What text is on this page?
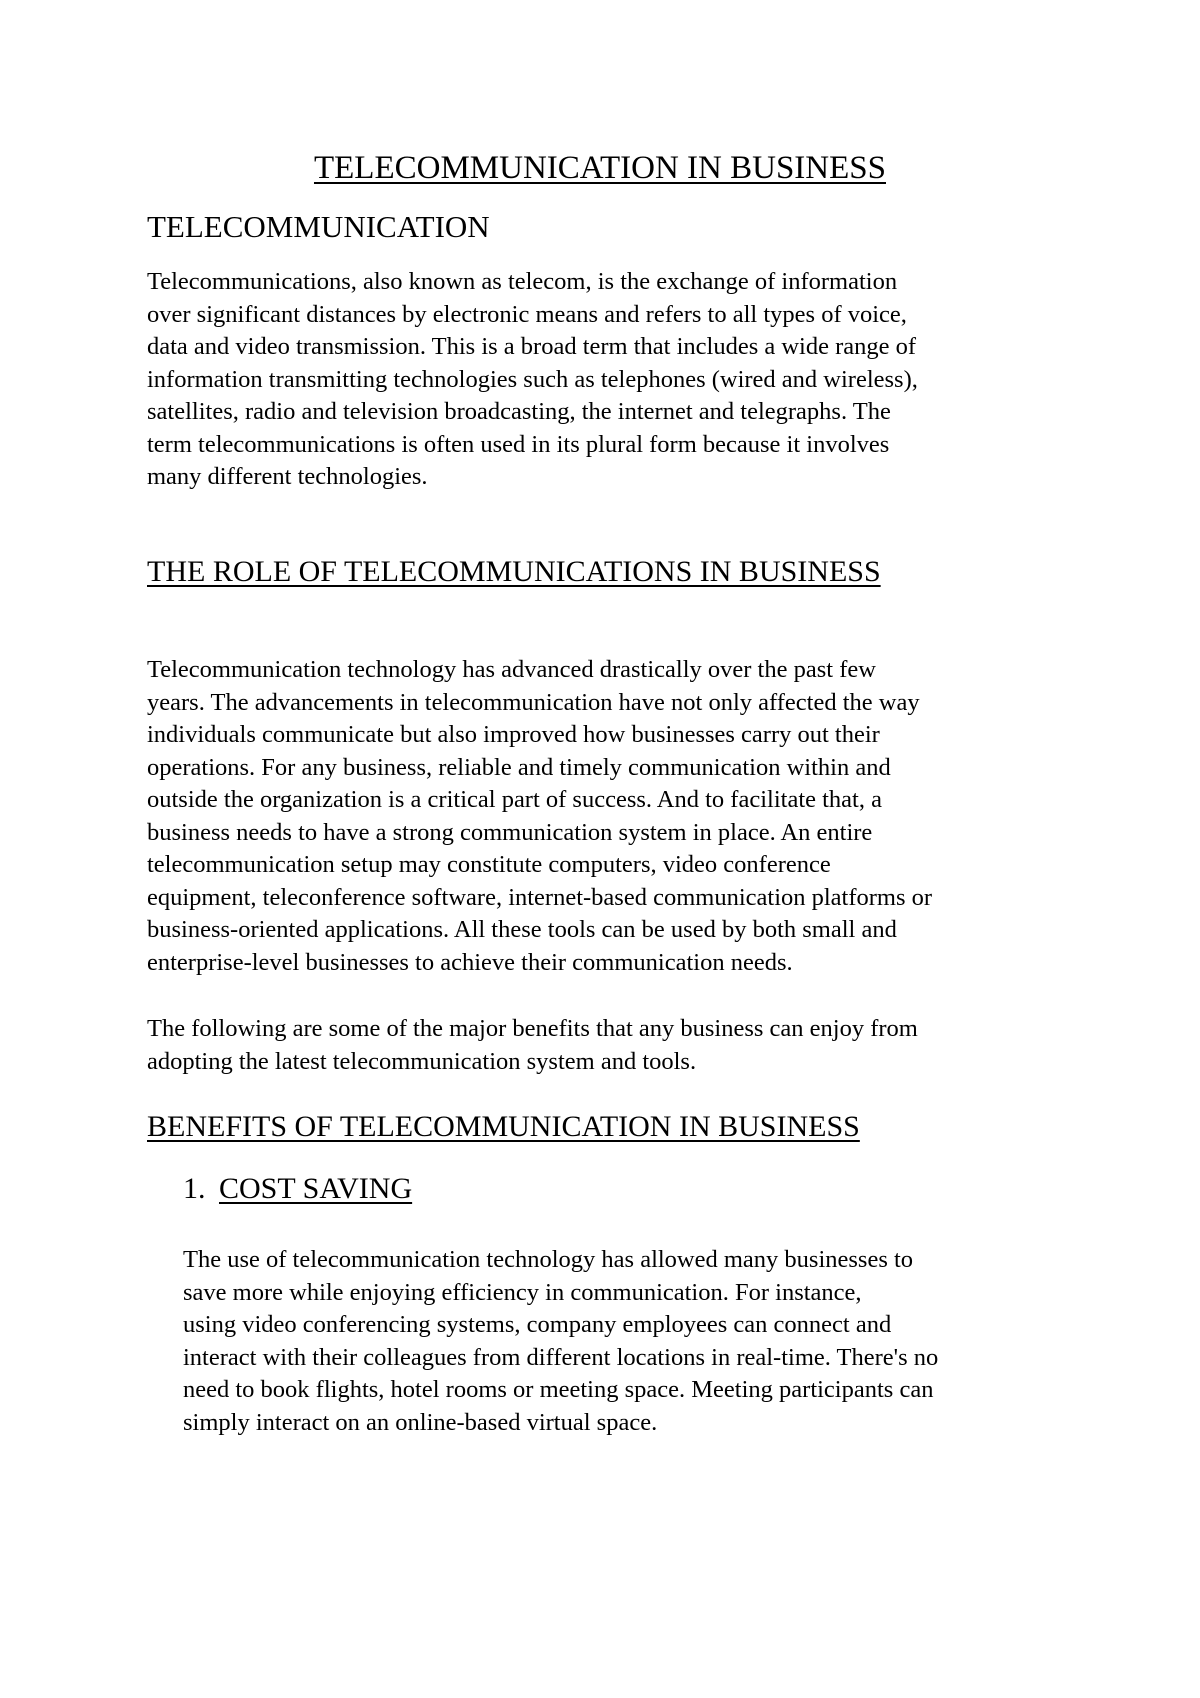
TELECOMMUNICATION IN BUSINESS
TELECOMMUNICATION
Telecommunications, also known as telecom, is the exchange of information
over significant distances by electronic means and refers to all types of voice,
data and video transmission. This is a broad term that includes a wide range of
information transmitting technologies such as telephones (wired and wireless),
satellites, radio and television broadcasting, the internet and telegraphs. The
term telecommunications is often used in its plural form because it involves
many different technologies.
THE ROLE OF TELECOMMUNICATIONS IN BUSINESS
Telecommunication technology has advanced drastically over the past few
years. The advancements in telecommunication have not only affected the way
individuals communicate but also improved how businesses carry out their
operations. For any business, reliable and timely communication within and
outside the organization is a critical part of success. And to facilitate that, a
business needs to have a strong communication system in place. An entire
telecommunication setup may constitute computers, video conference
equipment, teleconference software, internet-based communication platforms or
business-oriented applications. All these tools can be used by both small and
enterprise-level businesses to achieve their communication needs.
The following are some of the major benefits that any business can enjoy from
adopting the latest telecommunication system and tools.
BENEFITS OF TELECOMMUNICATION IN BUSINESS
1. COST SAVING
The use of telecommunication technology has allowed many businesses to
save more while enjoying efficiency in communication. For instance,
using video conferencing systems, company employees can connect and
interact with their colleagues from different locations in real-time. There's no
need to book flights, hotel rooms or meeting space. Meeting participants can
simply interact on an online-based virtual space.
